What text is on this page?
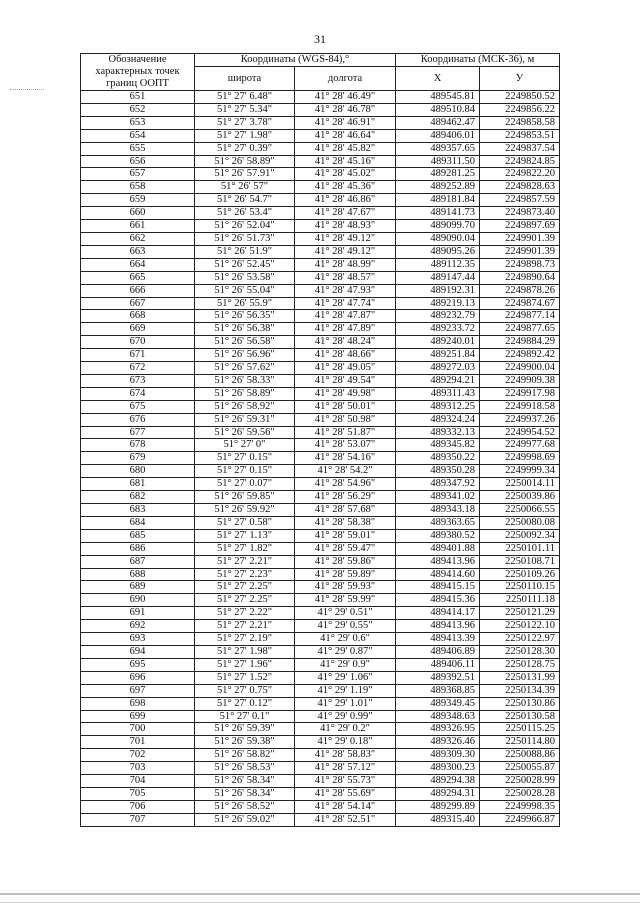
31
Обозначение характерных точек границ ООПТ	Координаты (WGS-84),°		Координаты (МСК-36), м	
	широта	долгота	X	У

651	51° 27' 6.48"	41° 28' 46.49"	489545.81	2249850.52
652	51° 27' 5.34"	41° 28' 46.78"	489510.84	2249856.22
653	51° 27' 3.78"	41° 28' 46.91"	489462.47	2249858.58
654	51° 27' 1.98"	41° 28' 46.64"	489406.01	2249853.51
655	51° 27' 0.39"	41° 28' 45.82"	489357.65	2249837.54
656	51° 26' 58.89"	41° 28' 45.16"	489311.50	2249824.85
657	51° 26' 57.91"	41° 28' 45.02"	489281.25	2249822.20
658	51° 26' 57"	41° 28' 45.36"	489252.89	2249828.63
659	51° 26' 54.7"	41° 28' 46.86"	489181.84	2249857.59
660	51° 26' 53.4"	41° 28' 47.67"	489141.73	2249873.40
661	51° 26' 52.04"	41° 28' 48.93"	489099.70	2249897.69
662	51° 26' 51.73"	41° 28' 49.12"	489090.04	2249901.39
663	51° 26' 51.9"	41° 28' 49.12"	489095.26	2249901.39
664	51° 26' 52.45"	41° 28' 48.99"	489112.35	2249898.73
665	51° 26' 53.58"	41° 28' 48.57"	489147.44	2249890.64
666	51° 26' 55.04"	41° 28' 47.93"	489192.31	2249878.26
667	51° 26' 55.9"	41° 28' 47.74"	489219.13	2249874.67
668	51° 26' 56.35"	41° 28' 47.87"	489232.79	2249877.14
669	51° 26' 56.38"	41° 28' 47.89"	489233.72	2249877.65
670	51° 26' 56.58"	41° 28' 48.24"	489240.01	2249884.29
671	51° 26' 56.96"	41° 28' 48.66"	489251.84	2249892.42
672	51° 26' 57.62"	41° 28' 49.05"	489272.03	2249900.04
673	51° 26' 58.33"	41° 28' 49.54"	489294.21	2249909.38
674	51° 26' 58.89"	41° 28' 49.98"	489311.43	2249917.98
675	51° 26' 58.92"	41° 28' 50.01"	489312.25	2249918.58
676	51° 26' 59.31"	41° 28' 50.98"	489324.24	2249937.26
677	51° 26' 59.56"	41° 28' 51.87"	489332.13	2249954.52
678	51° 27' 0"	41° 28' 53.07"	489345.82	2249977.68
679	51° 27' 0.15"	41° 28' 54.16"	489350.22	2249998.69
680	51° 27' 0.15"	41° 28' 54.2"	489350.28	2249999.34
681	51° 27' 0.07"	41° 28' 54.96"	489347.92	2250014.11
682	51° 26' 59.85"	41° 28' 56.29"	489341.02	2250039.86
683	51° 26' 59.92"	41° 28' 57.68"	489343.18	2250066.55
684	51° 27' 0.58"	41° 28' 58.38"	489363.65	2250080.08
685	51° 27' 1.13"	41° 28' 59.01"	489380.52	2250092.34
686	51° 27' 1.82"	41° 28' 59.47"	489401.88	2250101.11
687	51° 27' 2.21"	41° 28' 59.86"	489413.96	2250108.71
688	51° 27' 2.23"	41° 28' 59.89"	489414.60	2250109.26
689	51° 27' 2.25"	41° 28' 59.93"	489415.15	2250110.15
690	51° 27' 2.25"	41° 28' 59.99"	489415.36	2250111.18
691	51° 27' 2.22"	41° 29' 0.51"	489414.17	2250121.29
692	51° 27' 2.21"	41° 29' 0.55"	489413.96	2250122.10
693	51° 27' 2.19"	41° 29' 0.6"	489413.39	2250122.97
694	51° 27' 1.98"	41° 29' 0.87"	489406.89	2250128.30
695	51° 27' 1.96"	41° 29' 0.9"	489406.11	2250128.75
696	51° 27' 1.52"	41° 29' 1.06"	489392.51	2250131.99
697	51° 27' 0.75"	41° 29' 1.19"	489368.85	2250134.39
698	51° 27' 0.12"	41° 29' 1.01"	489349.45	2250130.86
699	51° 27' 0.1"	41° 29' 0.99"	489348.63	2250130.58
700	51° 26' 59.39"	41° 29' 0.2"	489326.95	2250115.25
701	51° 26' 59.38"	41° 29' 0.18"	489326.46	2250114.80
702	51° 26' 58.82"	41° 28' 58.83"	489309.30	2250088.86
703	51° 26' 58.53"	41° 28' 57.12"	489300.23	2250055.87
704	51° 26' 58.34"	41° 28' 55.73"	489294.38	2250028.99
705	51° 26' 58.34"	41° 28' 55.69"	489294.31	2250028.28
706	51° 26' 58.52"	41° 28' 54.14"	489299.89	2249998.35
707	51° 26' 59.02"	41° 28' 52.51"	489315.40	2249966.87
